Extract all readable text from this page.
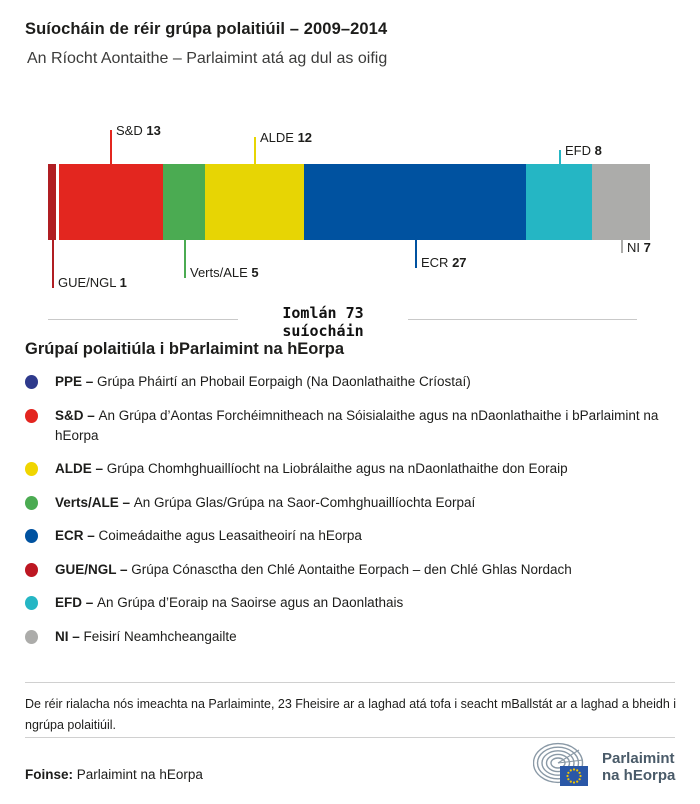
Suíocháin de réir grúpa polaitiúil – 2009–2014
An Ríocht Aontaithe – Parlaimint atá ag dul as oifig
GUE/NGL 1
S&D 13
Verts/ALE 5
ALDE 12
ECR 27
EFD 8
NI 7
Iomlán 73
suíocháin
Grúpaí polaitiúla i bParlaimint na hEorpa
PPE – Grúpa Pháirtí an Phobail Eorpaigh (Na Daonlathaithe Críostaí)
S&D – An Grúpa d’Aontas Forchéimnitheach na Sóisialaithe agus na nDaonlathaithe i bParlaimint na hEorpa
ALDE – Grúpa Chomhghuaillíocht na Liobrálaithe agus na nDaonlathaithe don Eoraip
Verts/ALE – An Grúpa Glas/Grúpa na Saor-Comhghuaillíochta Eorpaí
ECR – Coimeádaithe agus Leasaitheoirí na hEorpa
GUE/NGL – Grúpa Cónasctha den Chlé Aontaithe Eorpach – den Chlé Ghlas Nordach
EFD – An Grúpa d’Eoraip na Saoirse agus an Daonlathais
NI – Feisirí Neamhcheangailte
De réir rialacha nós imeachta na Parlaiminte, 23 Fheisire ar a laghad atá tofa i seacht mBallstát ar a laghad a bheidh i ngrúpa polaitiúil.
Foinse: Parlaimint na hEorpa
Parlaimint
na hEorpa
